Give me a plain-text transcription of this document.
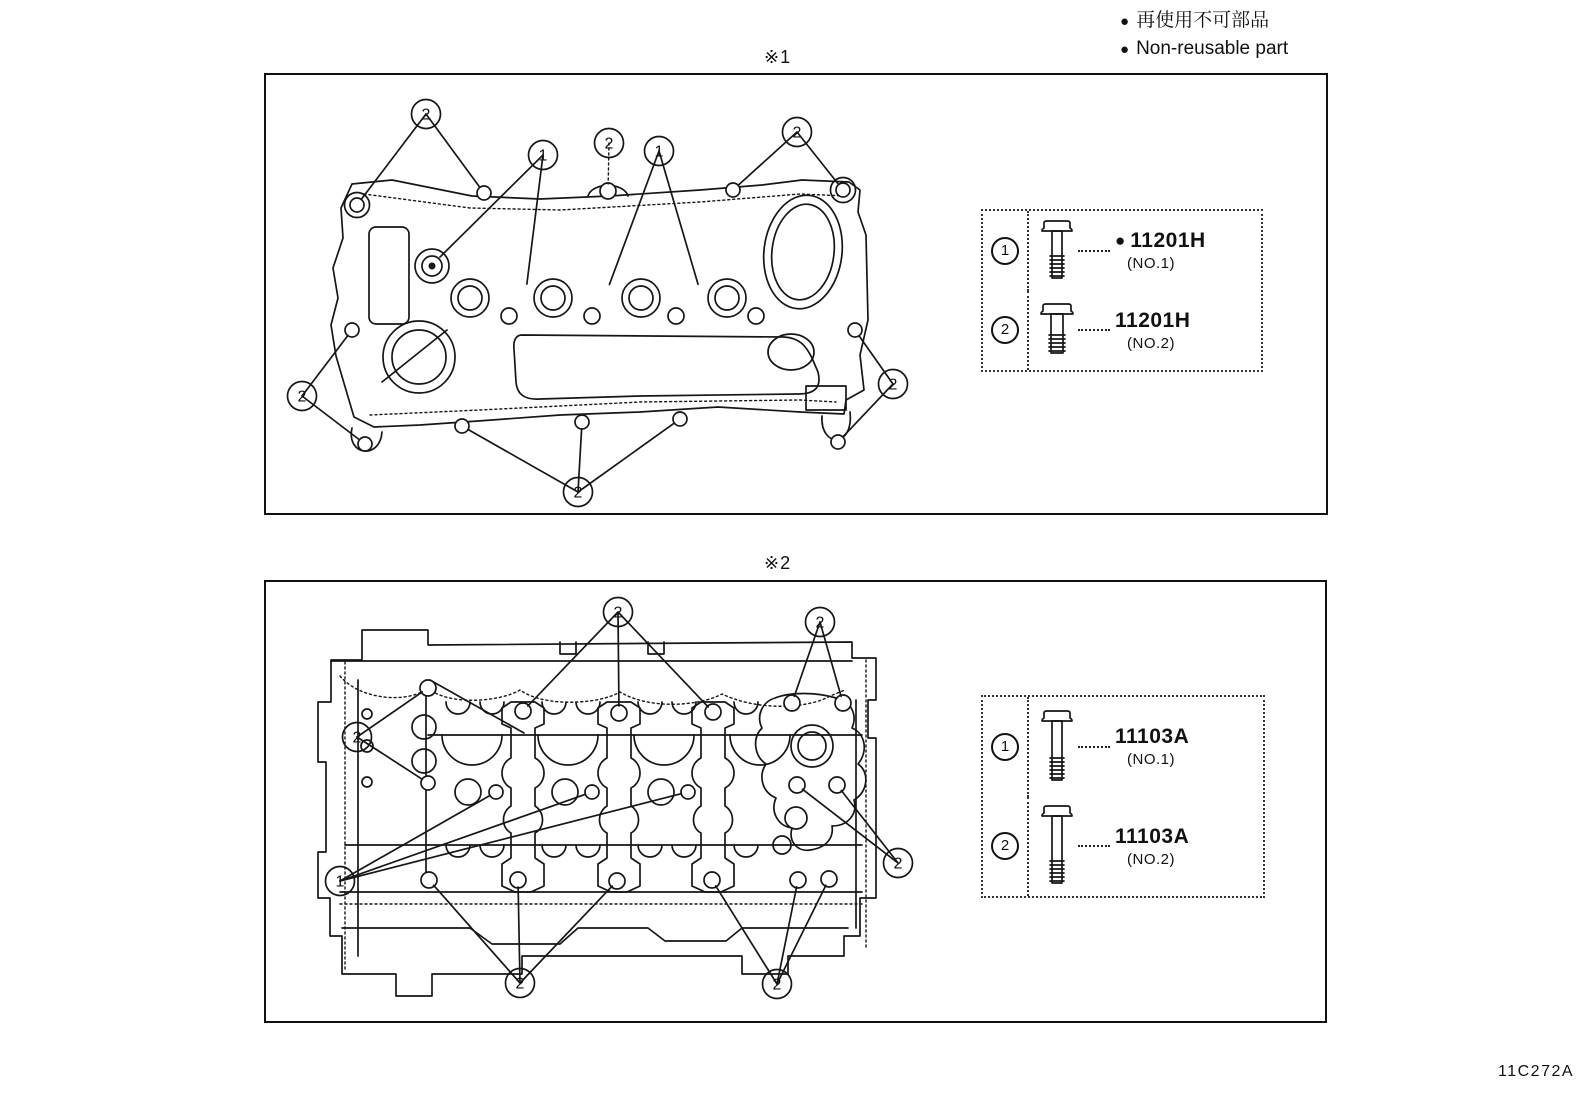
● 再使用不可部品
● Non-reusable part
※1
※2
2
1
2	1
2
2
2
2
2
2
2
1
2
2	2
1	● 11201H
(NO.1)
2	11201H
(NO.2)
1	11103A
(NO.1)
2	11103A
(NO.2)
11C272A
